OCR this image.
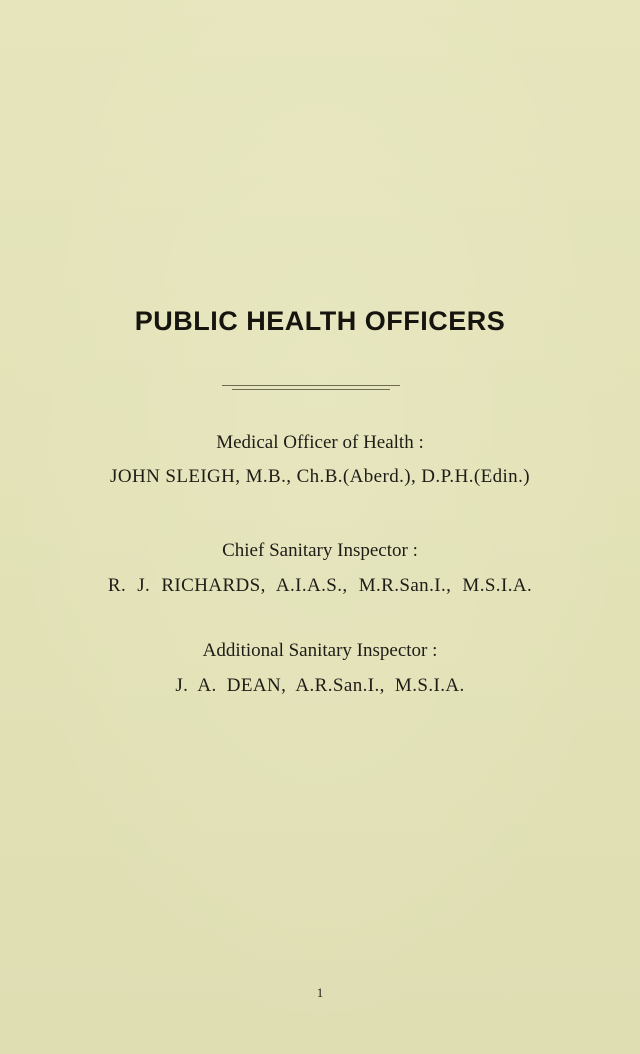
PUBLIC HEALTH OFFICERS
Medical Officer of Health :
JOHN SLEIGH, M.B., Ch.B.(Aberd.), D.P.H.(Edin.)
Chief Sanitary Inspector :
R. J. RICHARDS, A.I.A.S., M.R.San.I., M.S.I.A.
Additional Sanitary Inspector :
J. A. DEAN, A.R.San.I., M.S.I.A.
1
